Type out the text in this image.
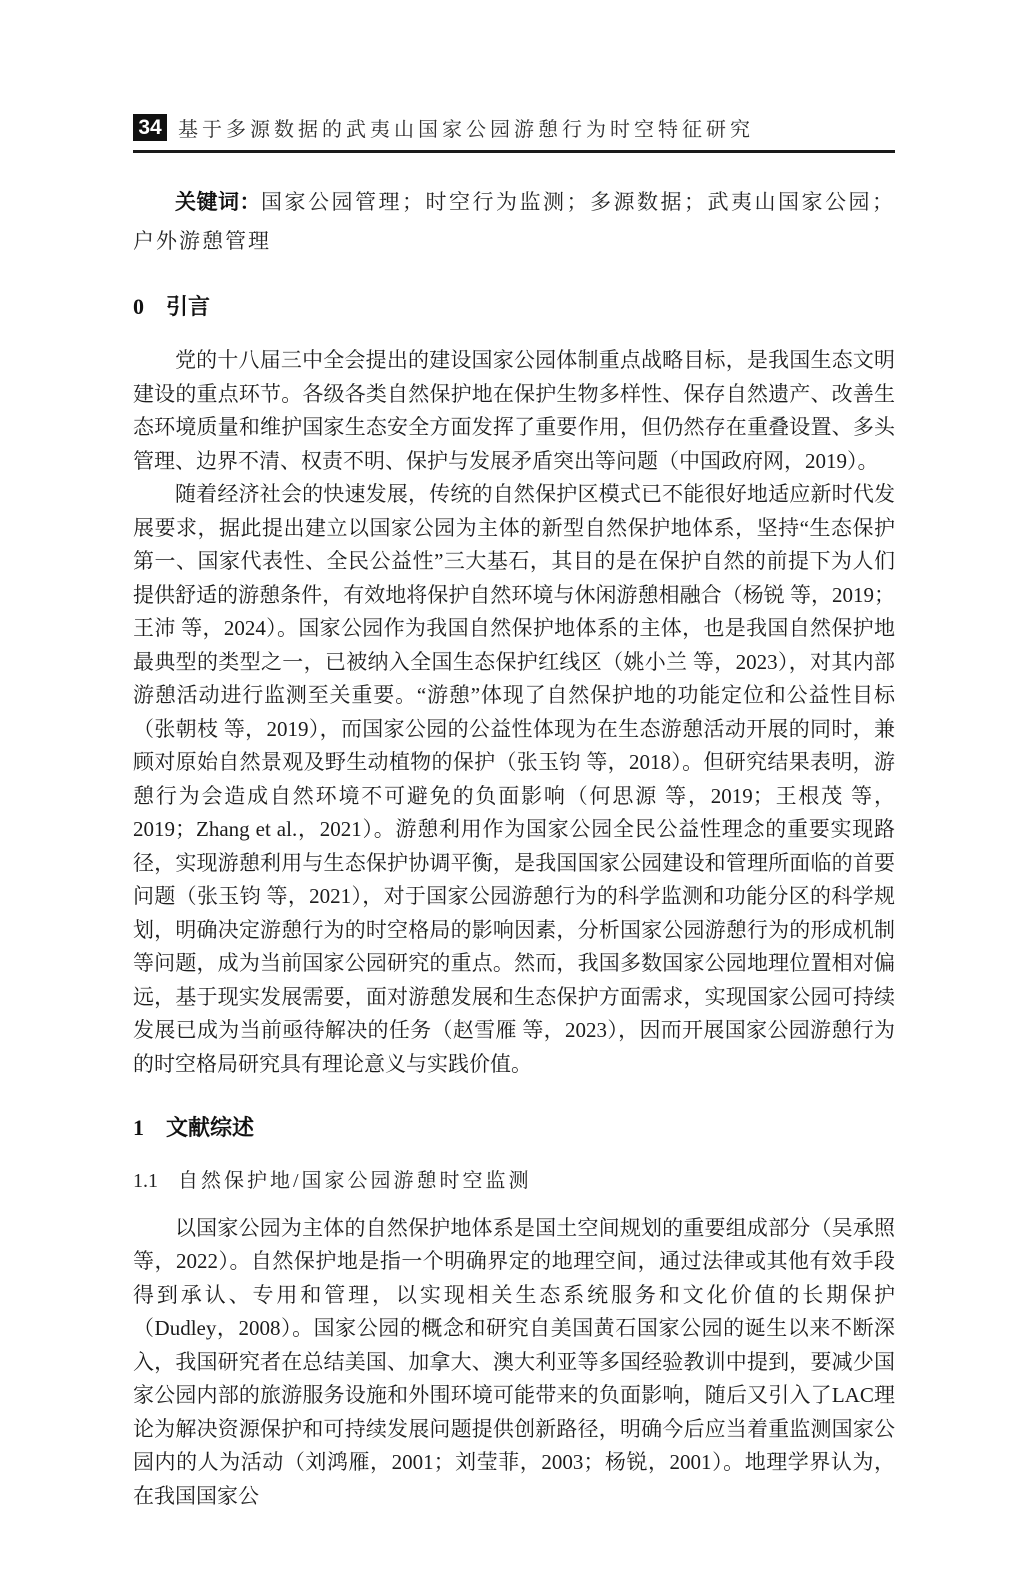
34 基于多源数据的武夷山国家公园游憩行为时空特征研究

关键词：国家公园管理；时空行为监测；多源数据；武夷山国家公园；户外游憩管理

0 引言

党的十八届三中全会提出的建设国家公园体制重点战略目标，是我国生态文明建设的重点环节。各级各类自然保护地在保护生物多样性、保存自然遗产、改善生态环境质量和维护国家生态安全方面发挥了重要作用，但仍然存在重叠设置、多头管理、边界不清、权责不明、保护与发展矛盾突出等问题（中国政府网，2019）。

随着经济社会的快速发展，传统的自然保护区模式已不能很好地适应新时代发展要求，据此提出建立以国家公园为主体的新型自然保护地体系，坚持“生态保护第一、国家代表性、全民公益性”三大基石，其目的是在保护自然的前提下为人们提供舒适的游憩条件，有效地将保护自然环境与休闲游憩相融合（杨锐 等，2019；王沛 等，2024）。国家公园作为我国自然保护地体系的主体，也是我国自然保护地最典型的类型之一，已被纳入全国生态保护红线区（姚小兰 等，2023），对其内部游憩活动进行监测至关重要。“游憩”体现了自然保护地的功能定位和公益性目标（张朝枝 等，2019），而国家公园的公益性体现为在生态游憩活动开展的同时，兼顾对原始自然景观及野生动植物的保护（张玉钧 等，2018）。但研究结果表明，游憩行为会造成自然环境不可避免的负面影响（何思源 等，2019；王根茂 等，2019；Zhang et al.，2021）。游憩利用作为国家公园全民公益性理念的重要实现路径，实现游憩利用与生态保护协调平衡，是我国国家公园建设和管理所面临的首要问题（张玉钧 等，2021），对于国家公园游憩行为的科学监测和功能分区的科学规划，明确决定游憩行为的时空格局的影响因素，分析国家公园游憩行为的形成机制等问题，成为当前国家公园研究的重点。然而，我国多数国家公园地理位置相对偏远，基于现实发展需要，面对游憩发展和生态保护方面需求，实现国家公园可持续发展已成为当前亟待解决的任务（赵雪雁 等，2023），因而开展国家公园游憩行为的时空格局研究具有理论意义与实践价值。

1 文献综述
1.1 自然保护地/国家公园游憩时空监测

以国家公园为主体的自然保护地体系是国土空间规划的重要组成部分（吴承照 等，2022）。自然保护地是指一个明确界定的地理空间，通过法律或其他有效手段得到承认、专用和管理，以实现相关生态系统服务和文化价值的长期保护（Dudley，2008）。国家公园的概念和研究自美国黄石国家公园的诞生以来不断深入，我国研究者在总结美国、加拿大、澳大利亚等多国经验教训中提到，要减少国家公园内部的旅游服务设施和外围环境可能带来的负面影响，随后又引入了LAC理论为解决资源保护和可持续发展问题提供创新路径，明确今后应当着重监测国家公园内的人为活动（刘鸿雁，2001；刘莹菲，2003；杨锐，2001）。地理学界认为，在我国国家公
